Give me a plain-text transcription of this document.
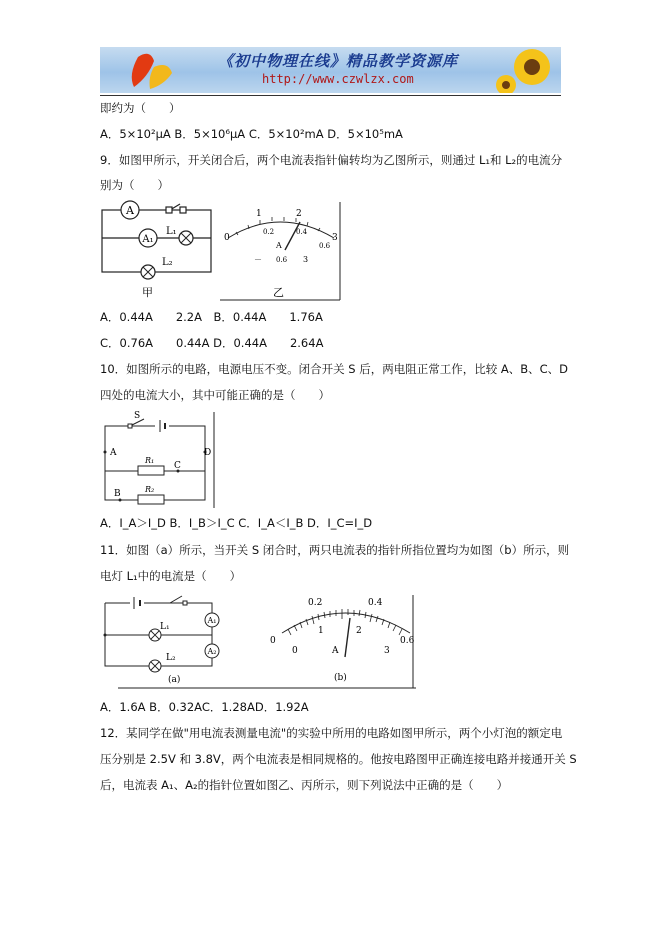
《初中物理在线》精品教学资源库
http://www.czwlzx.com
即约为（　　）
A．5×10²μA B．5×10⁶μA C．5×10²mA D．5×10⁵mA
9．如图甲所示，开关闭合后，两个电流表指针偏转均为乙图所示，则通过 L₁和 L₂的电流分
别为（　　）
A
A₁
L₁
L₂
甲
0
1	2
3
0.2	0.4
0.6
A
－ 0.6 3
乙
A．0.44A　　2.2A　B．0.44A　　1.76A
C．0.76A　　0.44A D．0.44A　　2.64A
10．如图所示的电路，电源电压不变。闭合开关 S 后，两电阻正常工作，比较 A、B、C、D
四处的电流大小，其中可能正确的是（　　）
S
A	D
R₁
C
R₂
B
A．I_A＞I_D B．I_B＞I_C C．I_A＜I_B D．I_C=I_D
11．如图（a）所示，当开关 S 闭合时，两只电流表的指针所指位置均为如图（b）所示，则
电灯 L₁中的电流是（　　）
L₁
L₂
A₁
A₂
(a)
0.2	0.4
0	0.6
0
1	2
3
A
(b)
A．1.6A B．0.32AC．1.28AD．1.92A
12．某同学在做"用电流表测量电流"的实验中所用的电路如图甲所示，两个小灯泡的额定电
压分别是 2.5V 和 3.8V，两个电流表是相同规格的。他按电路图甲正确连接电路并接通开关 S
后，电流表 A₁、A₂的指针位置如图乙、丙所示，则下列说法中正确的是（　　）
